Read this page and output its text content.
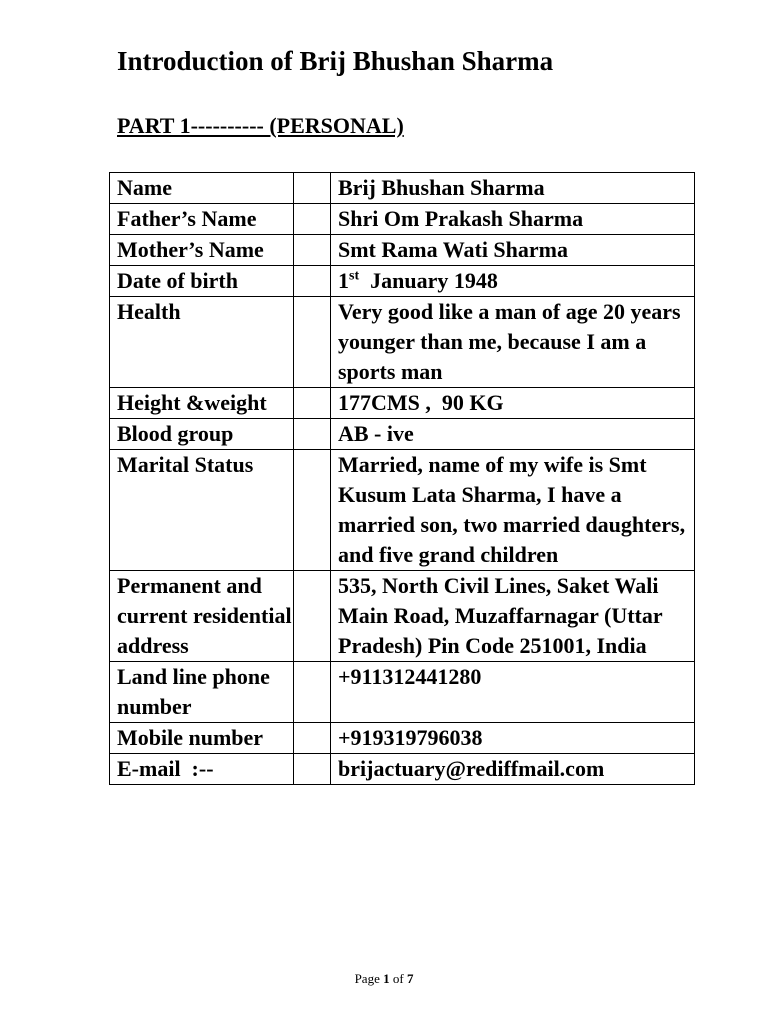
Introduction of Brij Bhushan Sharma
PART 1---------- (PERSONAL)
Name		Brij Bhushan Sharma
Father’s Name		Shri Om Prakash Sharma
Mother’s Name		Smt Rama Wati Sharma
Date of birth		1st  January 1948
Health		Very good like a man of age 20 years younger than me, because I am a sports man
Height &weight		177CMS ,  90 KG
Blood group		AB - ive
Marital Status		Married, name of my wife is Smt Kusum Lata Sharma, I have a married son, two married daughters, and five grand children
Permanent and current residential address		535, North Civil Lines, Saket Wali Main Road, Muzaffarnagar (Uttar Pradesh) Pin Code 251001, India
Land line phone number		+911312441280
Mobile number		+919319796038
E-mail  :--		brijactuary@rediffmail.com
Page 1 of 7
